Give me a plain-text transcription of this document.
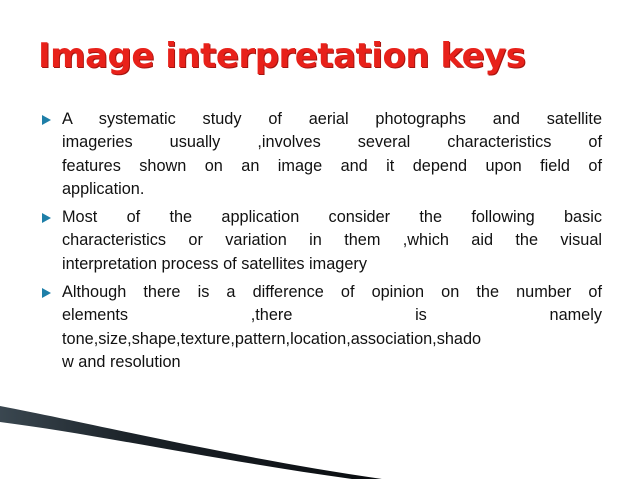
Image interpretation keys
A systematic study of aerial photographs and satellite
imageries usually ,involves several characteristics of
features shown on an image and it depend upon field of
application.
Most of the application consider the following basic
characteristics or variation in them ,which aid the visual
interpretation process of satellites imagery
Although there is a difference of opinion on the number of
elements ,there is namely
tone,size,shape,texture,pattern,location,association,shado
w and resolution
